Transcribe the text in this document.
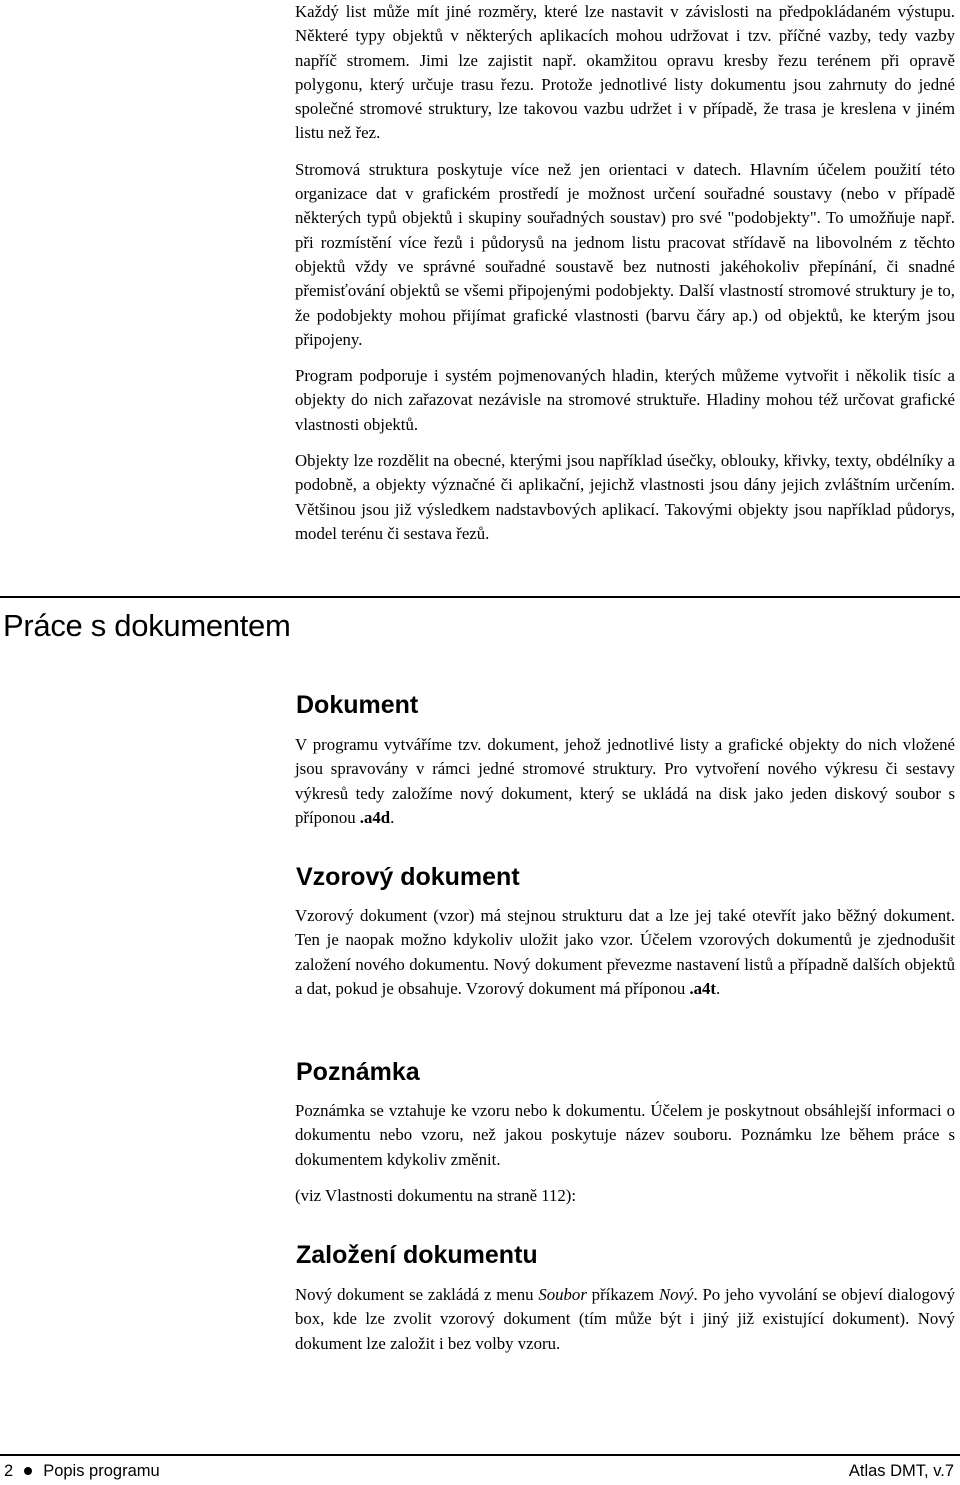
Každý list může mít jiné rozměry, které lze nastavit v závislosti na předpokládaném výstupu. Některé typy objektů v některých aplikacích mohou udržovat i tzv. příčné vazby, tedy vazby napříč stromem. Jimi lze zajistit např. okamžitou opravu kresby řezu terénem při opravě polygonu, který určuje trasu řezu. Protože jednotlivé listy dokumentu jsou zahrnuty do jedné společné stromové struktury, lze takovou vazbu udržet i v případě, že trasa je kreslena v jiném listu než řez.

Stromová struktura poskytuje více než jen orientaci v datech. Hlavním účelem použití této organizace dat v grafickém prostředí je možnost určení souřadné soustavy (nebo v případě některých typů objektů i skupiny souřadných soustav) pro své "podobjekty". To umožňuje např. při rozmístění více řezů i půdorysů na jednom listu pracovat střídavě na libovolném z těchto objektů vždy ve správné souřadné soustavě bez nutnosti jakéhokoliv přepínání, či snadné přemisťování objektů se všemi připojenými podobjekty. Další vlastností stromové struktury je to, že podobjekty mohou přijímat grafické vlastnosti (barvu čáry ap.) od objektů, ke kterým jsou připojeny.

Program podporuje i systém pojmenovaných hladin, kterých můžeme vytvořit i několik tisíc a objekty do nich zařazovat nezávisle na stromové struktuře. Hladiny mohou též určovat grafické vlastnosti objektů.

Objekty lze rozdělit na obecné, kterými jsou například úsečky, oblouky, křivky, texty, obdélníky a podobně, a objekty význačné či aplikační, jejichž vlastnosti jsou dány jejich zvláštním určením. Většinou jsou již výsledkem nadstavbových aplikací. Takovými objekty jsou například půdorys, model terénu či sestava řezů.

Práce s dokumentem
Dokument

V programu vytváříme tzv. dokument, jehož jednotlivé listy a grafické objekty do nich vložené jsou spravovány v rámci jedné stromové struktury. Pro vytvoření nového výkresu či sestavy výkresů tedy založíme nový dokument, který se ukládá na disk jako jeden diskový soubor s příponou .a4d.

Vzorový dokument

Vzorový dokument (vzor) má stejnou strukturu dat a lze jej také otevřít jako běžný dokument. Ten je naopak možno kdykoliv uložit jako vzor. Účelem vzorových dokumentů je zjednodušit založení nového dokumentu. Nový dokument převezme nastavení listů a případně dalších objektů a dat, pokud je obsahuje. Vzorový dokument má příponou .a4t.

Poznámka

Poznámka se vztahuje ke vzoru nebo k dokumentu. Účelem je poskytnout obsáhlejší informaci o dokumentu nebo vzoru, než jakou poskytuje název souboru. Poznámku lze během práce s dokumentem kdykoliv změnit.

(viz Vlastnosti dokumentu na straně 112):

Založení dokumentu

Nový dokument se zakládá z menu Soubor příkazem Nový. Po jeho vyvolání se objeví dialogový box, kde lze zvolit vzorový dokument (tím může být i jiný již existující dokument). Nový dokument lze založit i bez volby vzoru.

2 Popis programu	Atlas DMT, v.7
